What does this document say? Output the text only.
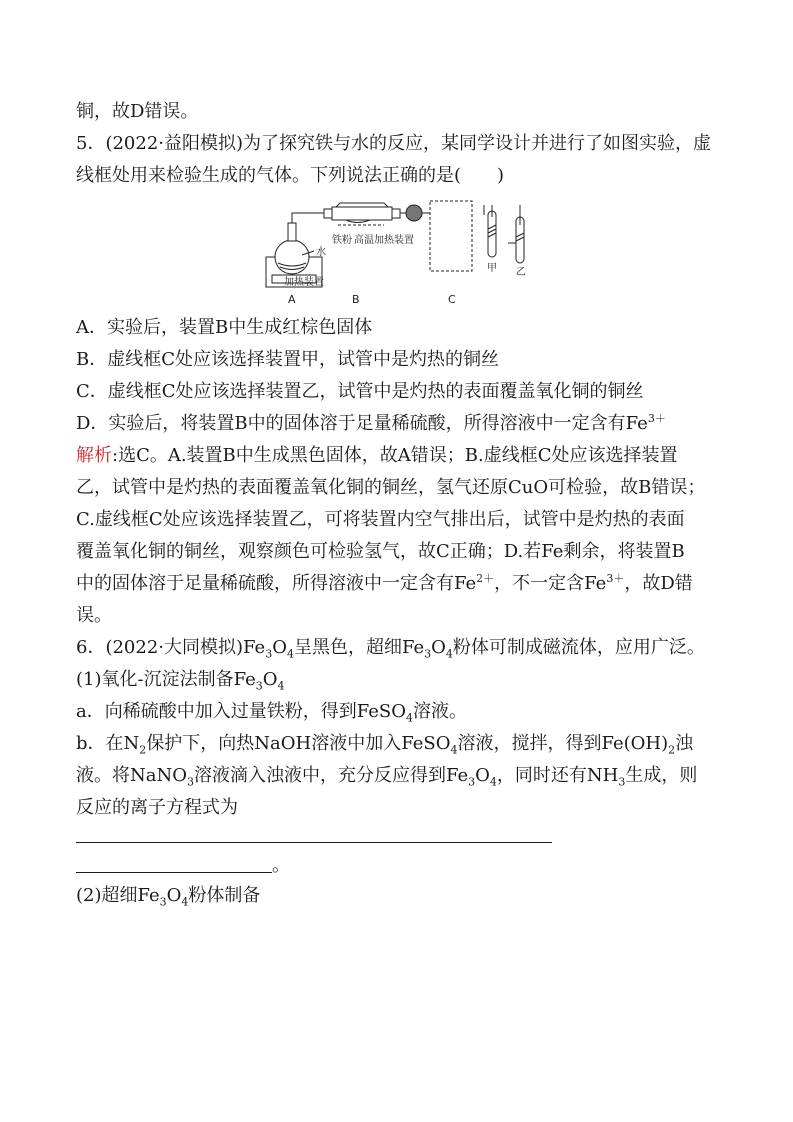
铜，故D错误。
5．(2022·益阳模拟)为了探究铁与水的反应，某同学设计并进行了如图实验，虚
线框处用来检验生成的气体。下列说法正确的是(　　)
铁粉 高温加热装置
水
加热装置
A	B	C
甲 乙
A．实验后，装置B中生成红棕色固体
B．虚线框C处应该选择装置甲，试管中是灼热的铜丝
C．虚线框C处应该选择装置乙，试管中是灼热的表面覆盖氧化铜的铜丝
D．实验后，将装置B中的固体溶于足量稀硫酸，所得溶液中一定含有$Fe^{3+}$
解析:选C。A.装置B中生成黑色固体，故A错误；B.虚线框C处应该选择装置
乙，试管中是灼热的表面覆盖氧化铜的铜丝，氢气还原CuO可检验，故B错误；
C.虚线框C处应该选择装置乙，可将装置内空气排出后，试管中是灼热的表面
覆盖氧化铜的铜丝，观察颜色可检验氢气，故C正确；D.若Fe剩余，将装置B
中的固体溶于足量稀硫酸，所得溶液中一定含有$Fe^{2+}$，不一定含$Fe^{3+}$，故D错
误。
6．(2022·大同模拟)$Fe_3O_4$呈黑色，超细$Fe_3O_4$粉体可制成磁流体，应用广泛。
(1)氧化-沉淀法制备$Fe_3O_4$
a．向稀硫酸中加入过量铁粉，得到FeSO$_4$溶液。
b．在$N_2$保护下，向热NaOH溶液中加入FeSO$_4$溶液，搅拌，得到$Fe(OH)_2$浊
液。将NaNO$_3$溶液滴入浊液中，充分反应得到$Fe_3O_4$，同时还有$NH_3$生成，则
反应的离子方程式为
。
(2)超细$Fe_3O_4$粉体制备
